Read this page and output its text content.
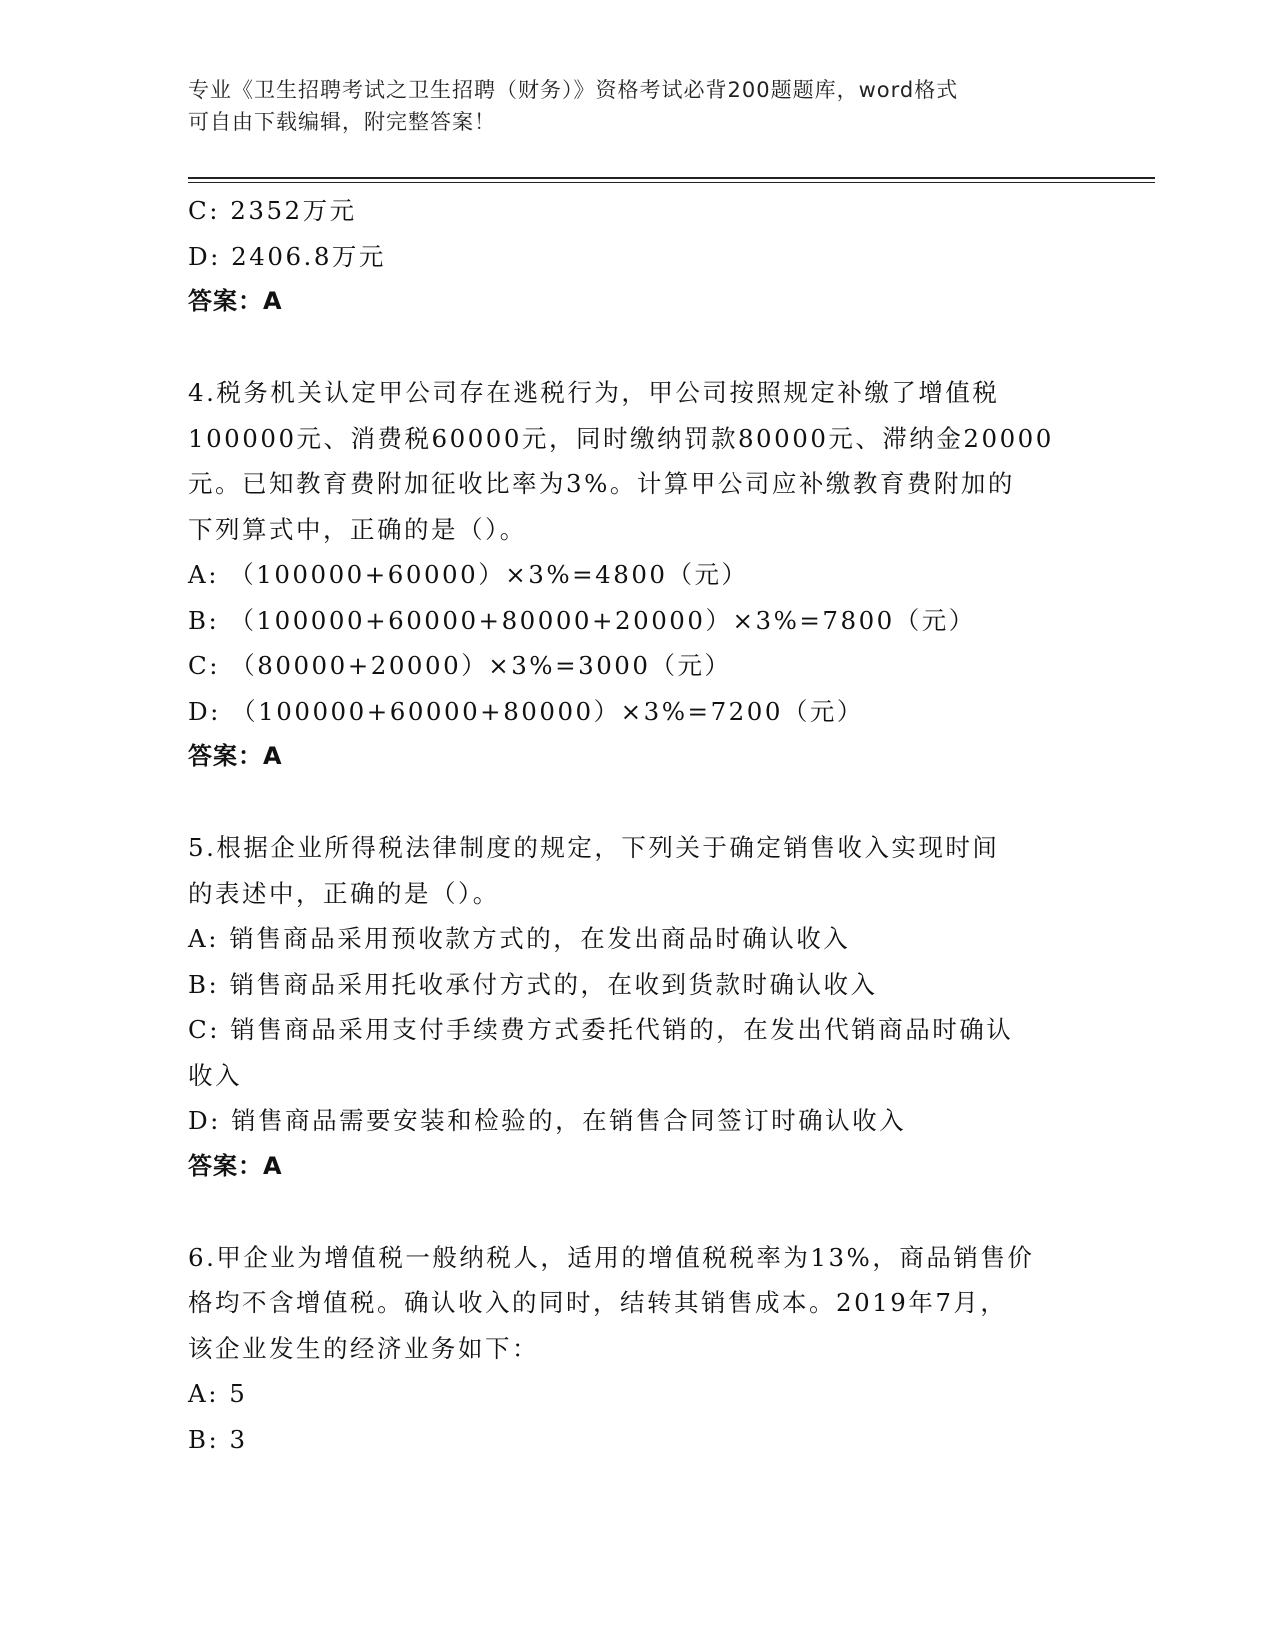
专业《卫生招聘考试之卫生招聘（财务）》资格考试必背200题题库，word格式
可自由下载编辑，附完整答案！
C: 2352万元
D: 2406.8万元
答案：A
4.税务机关认定甲公司存在逃税行为，甲公司按照规定补缴了增值税
100000元、消费税60000元，同时缴纳罚款80000元、滞纳金20000
元。已知教育费附加征收比率为3%。计算甲公司应补缴教育费附加的
下列算式中，正确的是（）。
A: （100000+60000）×3%=4800（元）
B: （100000+60000+80000+20000）×3%=7800（元）
C: （80000+20000）×3%=3000（元）
D: （100000+60000+80000）×3%=7200（元）
答案：A
5.根据企业所得税法律制度的规定，下列关于确定销售收入实现时间
的表述中，正确的是（）。
A: 销售商品采用预收款方式的，在发出商品时确认收入
B: 销售商品采用托收承付方式的，在收到货款时确认收入
C: 销售商品采用支付手续费方式委托代销的，在发出代销商品时确认
收入
D: 销售商品需要安装和检验的，在销售合同签订时确认收入
答案：A
6.甲企业为增值税一般纳税人，适用的增值税税率为13%，商品销售价
格均不含增值税。确认收入的同时，结转其销售成本。2019年7月，
该企业发生的经济业务如下：
A: 5
B: 3
